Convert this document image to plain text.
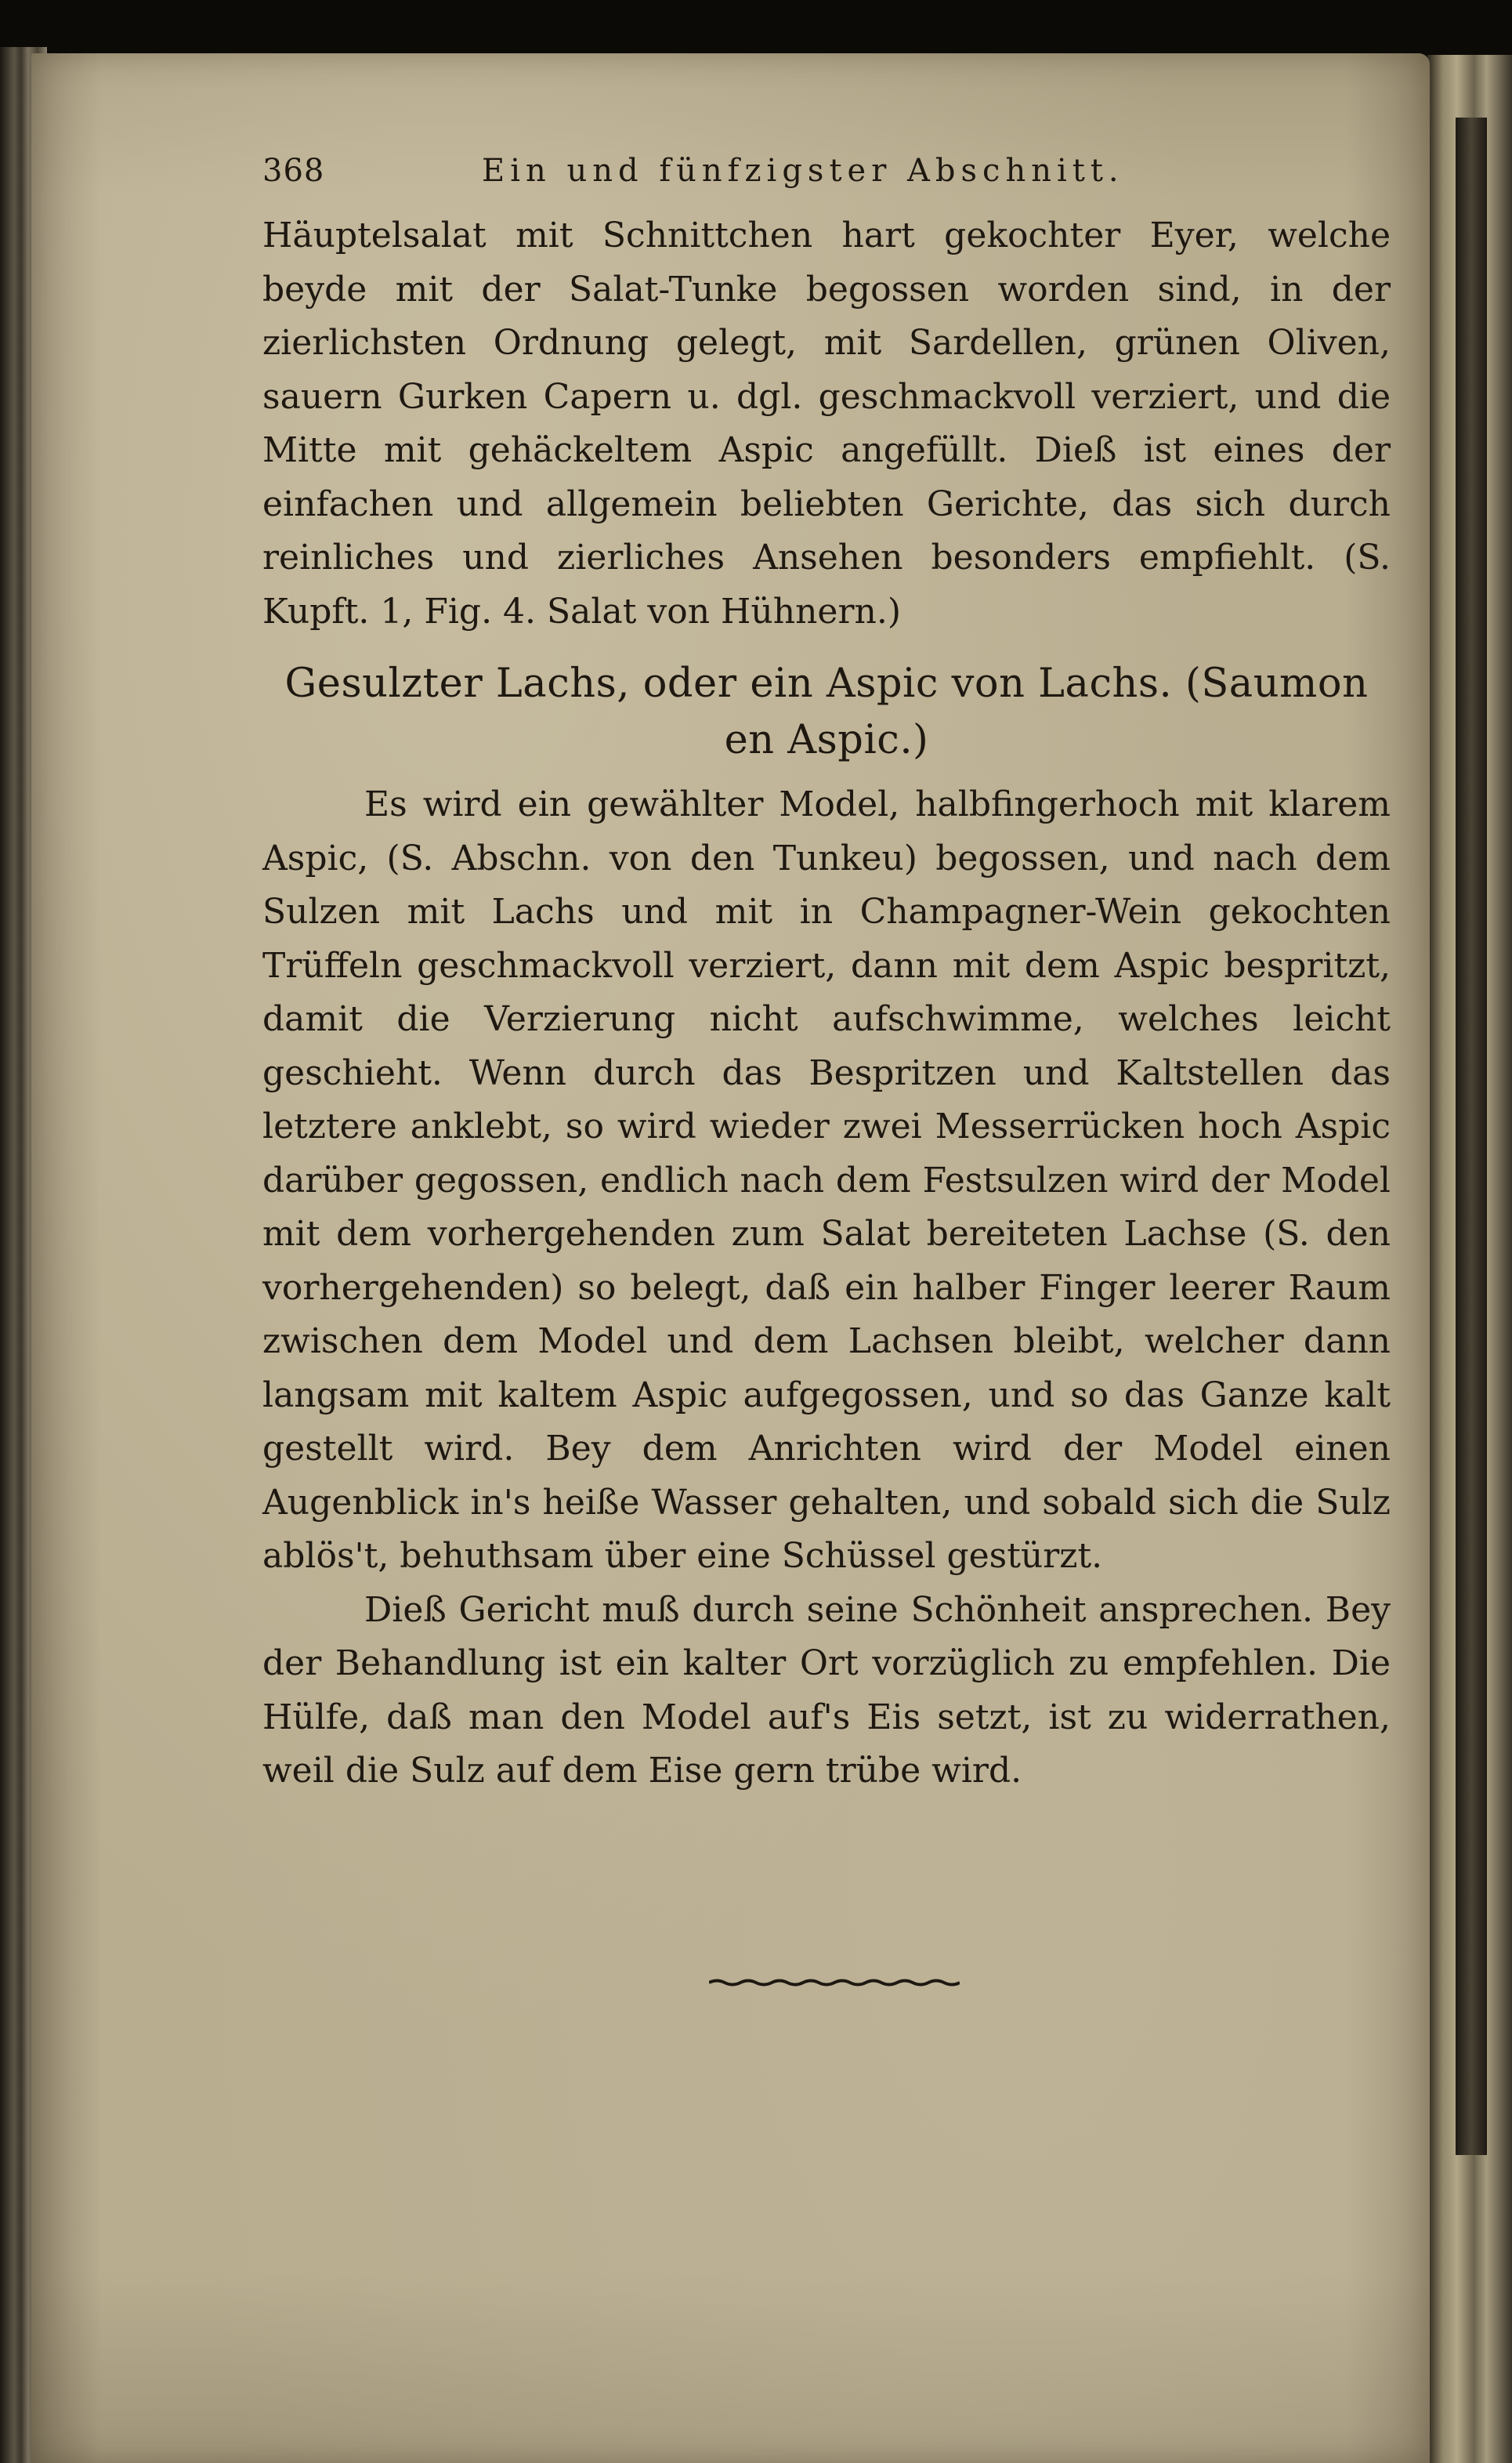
368	Ein und fünfzigster Abschnitt.

Häuptelsalat mit Schnittchen hart gekochter Eyer, welche beyde mit der Salat-Tunke begossen worden sind, in der zierlichsten Ordnung gelegt, mit Sardellen, grünen Oliven, sauern Gurken Capern u. dgl. geschmackvoll verziert, und die Mitte mit gehäckeltem Aspic angefüllt. Dieß ist eines der einfachen und allgemein beliebten Gerichte, das sich durch reinliches und zierliches Ansehen besonders empfiehlt. (S. Kupft. 1, Fig. 4. Salat von Hühnern.)

Gesulzter Lachs, oder ein Aspic von Lachs. (Saumon en Aspic.)

Es wird ein gewählter Model, halbfingerhoch mit klarem Aspic, (S. Abschn. von den Tunkeu) begossen, und nach dem Sulzen mit Lachs und mit in Champagner-Wein gekochten Trüffeln geschmackvoll verziert, dann mit dem Aspic bespritzt, damit die Verzierung nicht aufschwimme, welches leicht geschieht. Wenn durch das Bespritzen und Kaltstellen das letztere anklebt, so wird wieder zwei Messerrücken hoch Aspic darüber gegossen, endlich nach dem Festsulzen wird der Model mit dem vorhergehenden zum Salat bereiteten Lachse (S. den vorhergehenden) so belegt, daß ein halber Finger leerer Raum zwischen dem Model und dem Lachsen bleibt, welcher dann langsam mit kaltem Aspic aufgegossen, und so das Ganze kalt gestellt wird. Bey dem Anrichten wird der Model einen Augenblick in's heiße Wasser gehalten, und sobald sich die Sulz ablös't, behuthsam über eine Schüssel gestürzt.

Dieß Gericht muß durch seine Schönheit ansprechen. Bey der Behandlung ist ein kalter Ort vorzüglich zu empfehlen. Die Hülfe, daß man den Model auf's Eis setzt, ist zu widerrathen, weil die Sulz auf dem Eise gern trübe wird.
